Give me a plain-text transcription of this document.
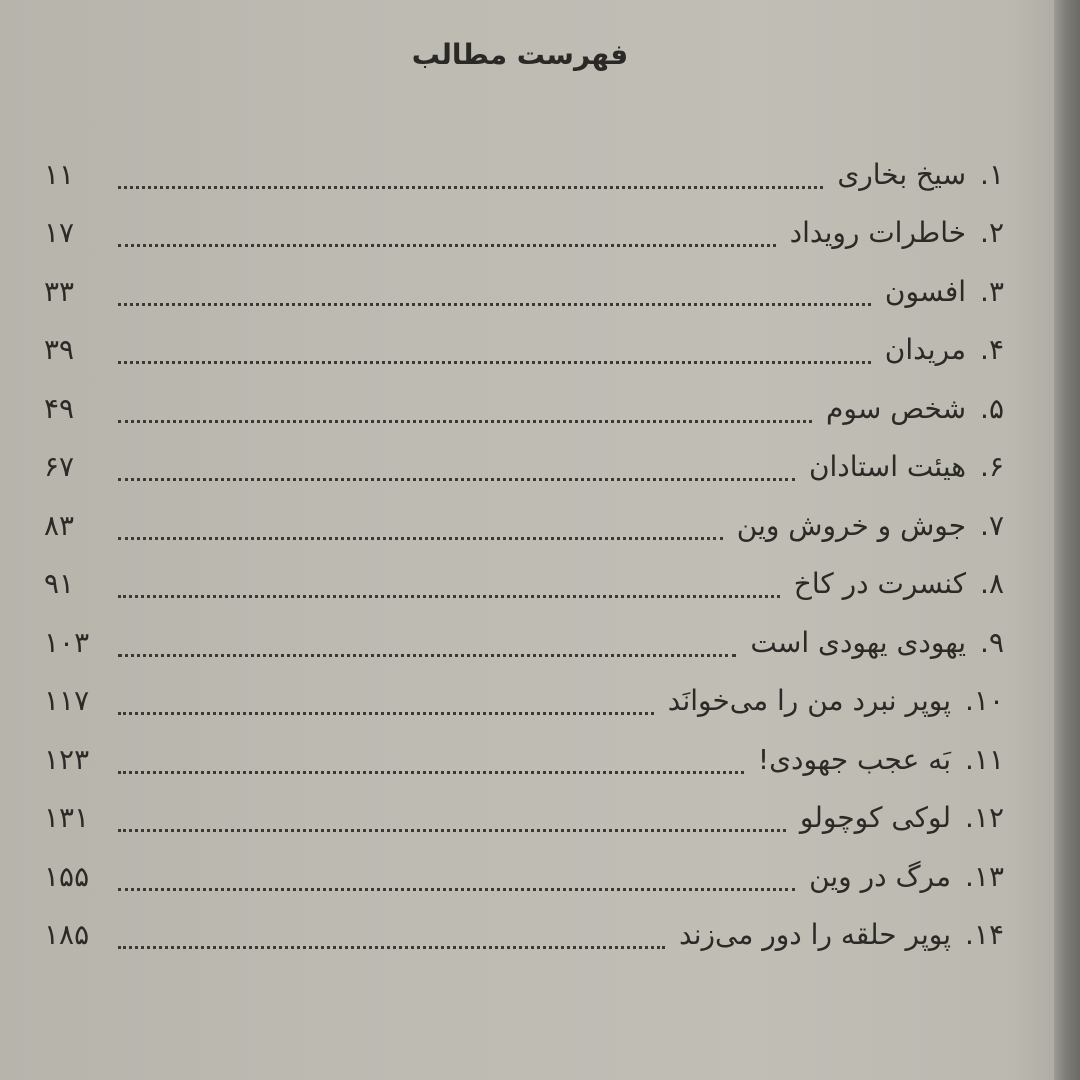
فهرست مطالب
۱.
سیخ بخاری
۱۱
۲.
خاطرات رویداد
۱۷
۳.
افسون
۳۳
۴.
مریدان
۳۹
۵.
شخص سوم
۴۹
۶.
هیئت استادان
۶۷
۷.
جوش و خروش وین
۸۳
۸.
کنسرت در کاخ
۹۱
۹.
یهودی یهودی است
۱۰۳
۱۰.
پوپر نبرد من را می‌خوانَد
۱۱۷
۱۱.
بَه عجب جهودی!
۱۲۳
۱۲.
لوکی کوچولو
۱۳۱
۱۳.
مرگ در وین
۱۵۵
۱۴.
پوپر حلقه را دور می‌زند
۱۸۵
